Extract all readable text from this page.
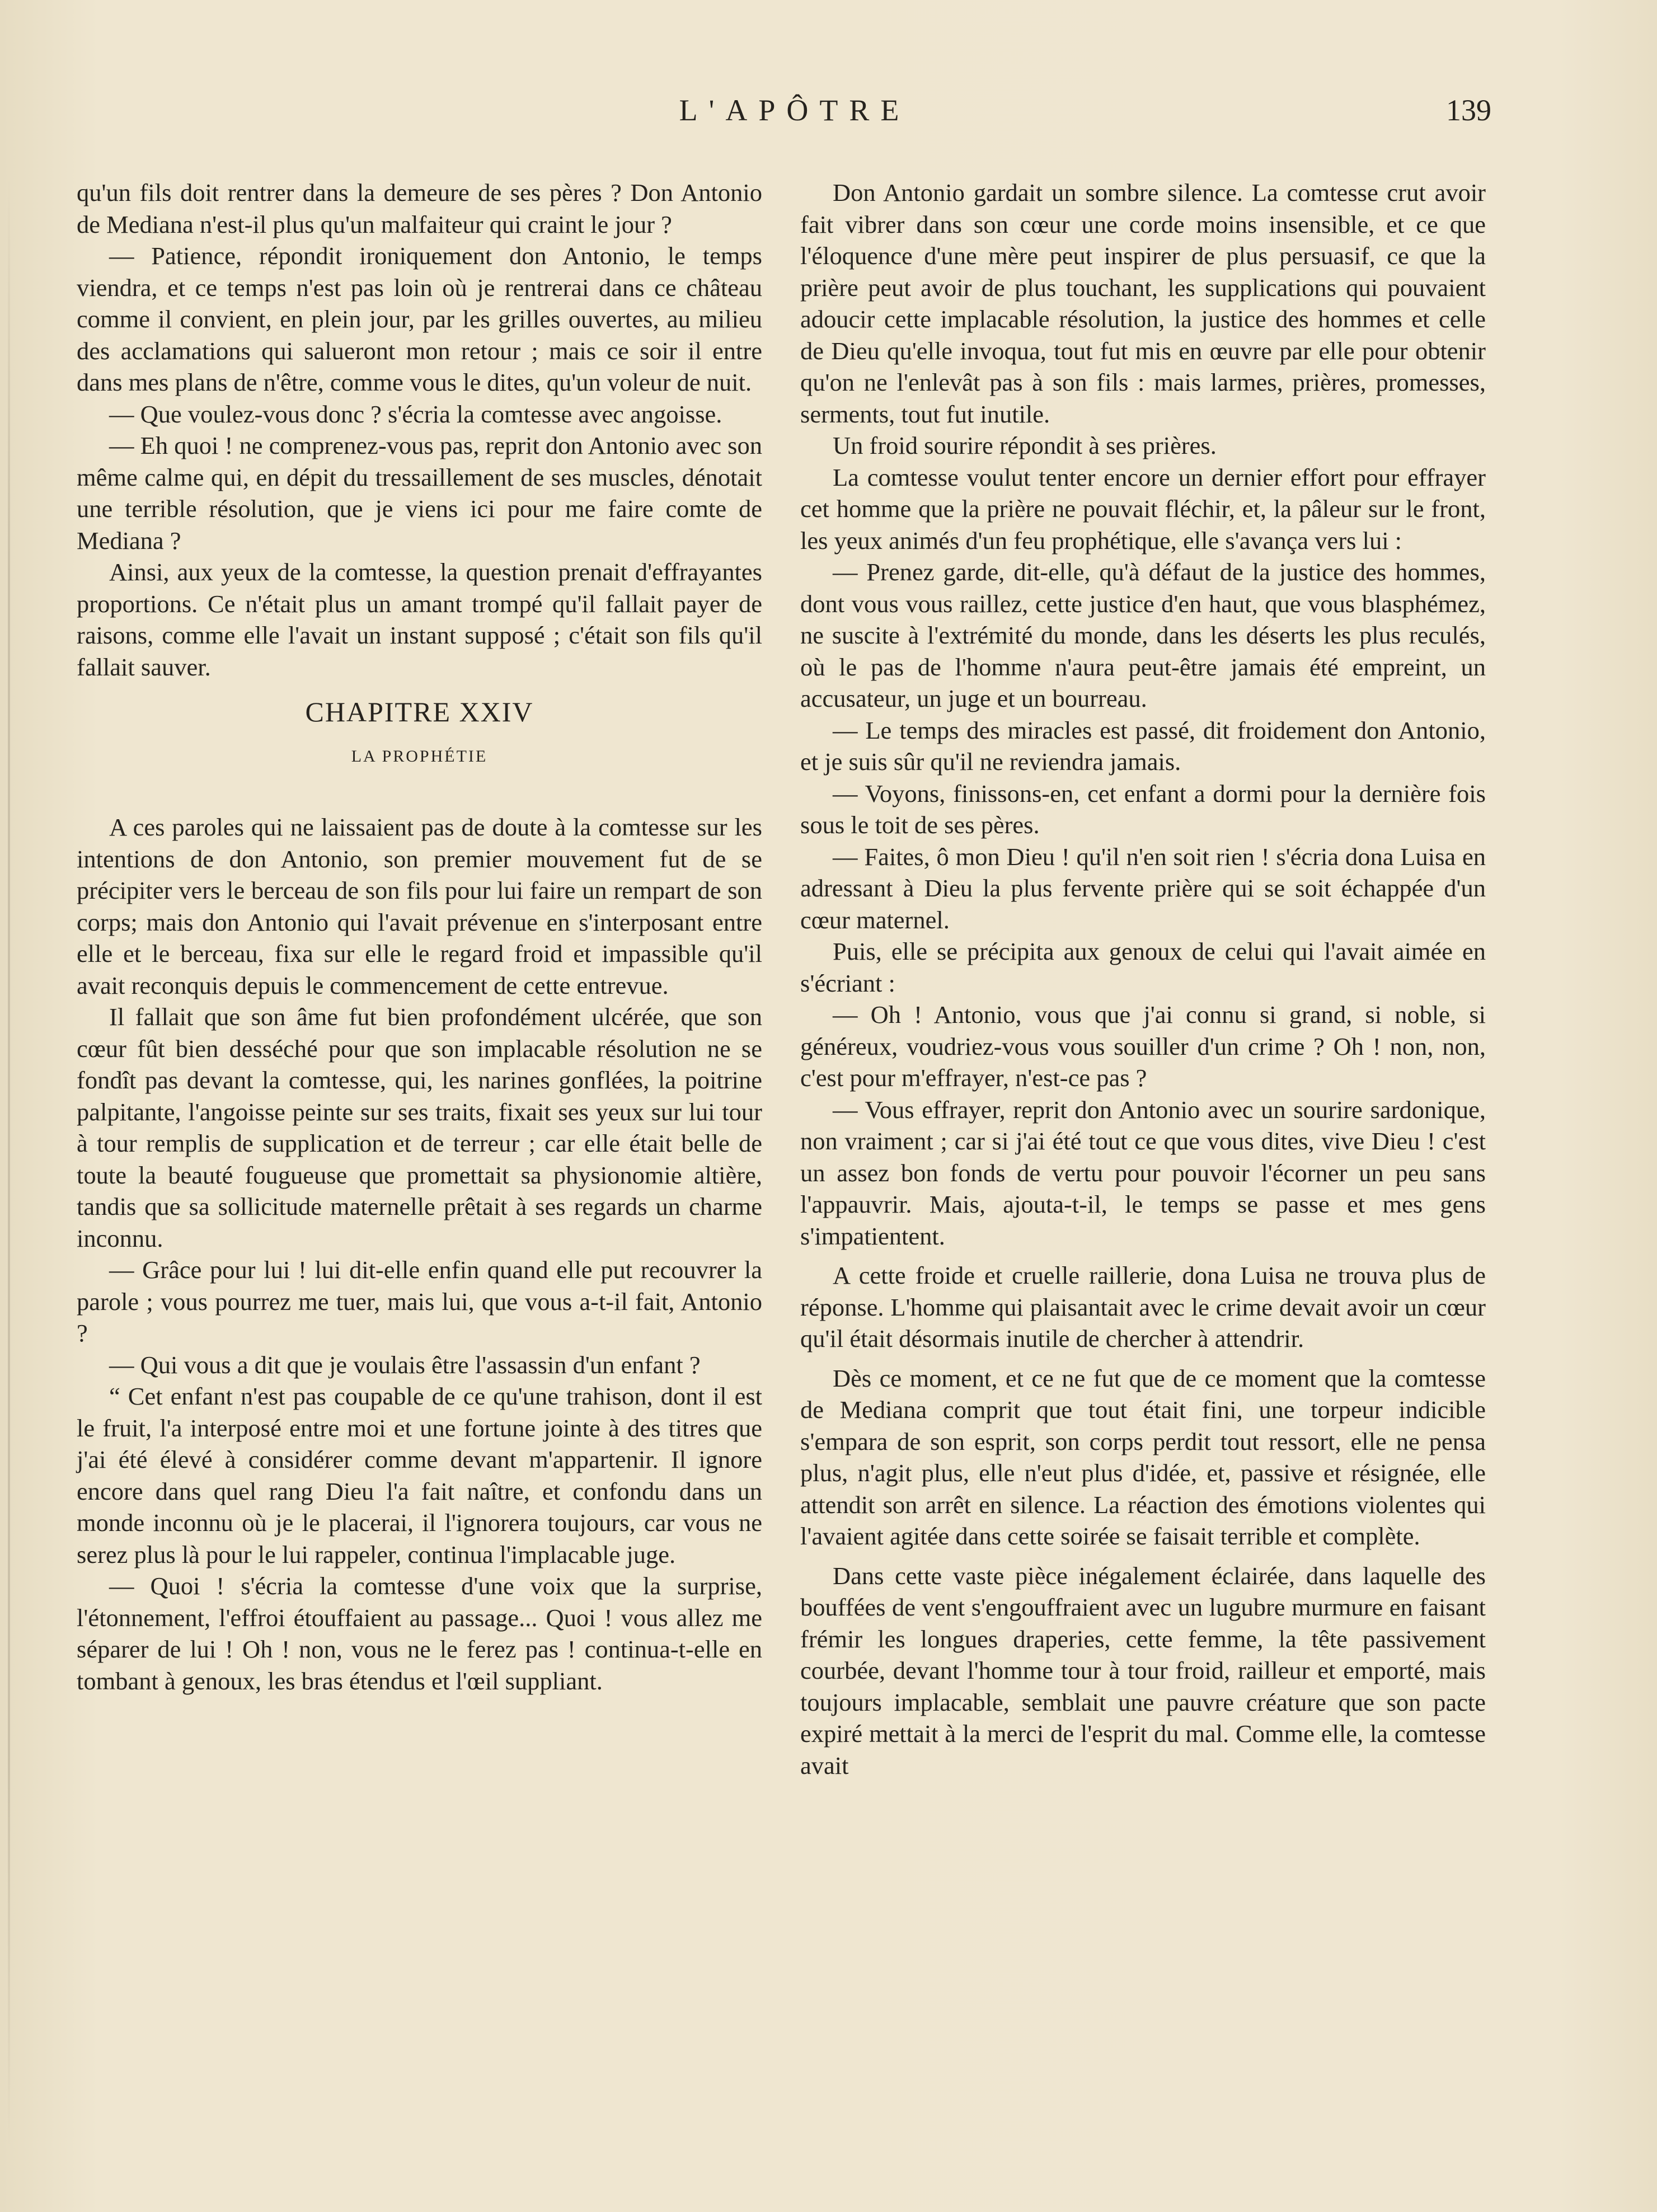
L'APÔTRE	139

qu'un fils doit rentrer dans la demeure de ses pères ? Don Antonio de Mediana n'est-il plus qu'un malfaiteur qui craint le jour ?

— Patience, répondit ironiquement don Antonio, le temps viendra, et ce temps n'est pas loin où je rentrerai dans ce château comme il convient, en plein jour, par les grilles ouvertes, au milieu des acclamations qui salueront mon retour ; mais ce soir il entre dans mes plans de n'être, comme vous le dites, qu'un voleur de nuit.

— Que voulez-vous donc ? s'écria la comtesse avec angoisse.

— Eh quoi ! ne comprenez-vous pas, reprit don Antonio avec son même calme qui, en dépit du tressaillement de ses muscles, dénotait une terrible résolution, que je viens ici pour me faire comte de Mediana ?

Ainsi, aux yeux de la comtesse, la question prenait d'effrayantes proportions. Ce n'était plus un amant trompé qu'il fallait payer de raisons, comme elle l'avait un instant supposé ; c'était son fils qu'il fallait sauver.

CHAPITRE XXIV
LA PROPHÉTIE

A ces paroles qui ne laissaient pas de doute à la comtesse sur les intentions de don Antonio, son premier mouvement fut de se précipiter vers le berceau de son fils pour lui faire un rempart de son corps; mais don Antonio qui l'avait prévenue en s'interposant entre elle et le berceau, fixa sur elle le regard froid et impassible qu'il avait reconquis depuis le commencement de cette entrevue.

Il fallait que son âme fut bien profondément ulcérée, que son cœur fût bien desséché pour que son implacable résolution ne se fondît pas devant la comtesse, qui, les narines gonflées, la poitrine palpitante, l'angoisse peinte sur ses traits, fixait ses yeux sur lui tour à tour remplis de supplication et de terreur ; car elle était belle de toute la beauté fougueuse que promettait sa physionomie altière, tandis que sa sollicitude maternelle prêtait à ses regards un charme inconnu.

— Grâce pour lui ! lui dit-elle enfin quand elle put recouvrer la parole ; vous pourrez me tuer, mais lui, que vous a-t-il fait, Antonio ?

— Qui vous a dit que je voulais être l'assassin d'un enfant ?

“ Cet enfant n'est pas coupable de ce qu'une trahison, dont il est le fruit, l'a interposé entre moi et une fortune jointe à des titres que j'ai été élevé à considérer comme devant m'appartenir. Il ignore encore dans quel rang Dieu l'a fait naître, et confondu dans un monde inconnu où je le placerai, il l'ignorera toujours, car vous ne serez plus là pour le lui rappeler, continua l'implacable juge.

— Quoi ! s'écria la comtesse d'une voix que la surprise, l'étonnement, l'effroi étouffaient au passage... Quoi ! vous allez me séparer de lui ! Oh ! non, vous ne le ferez pas ! continua-t-elle en tombant à genoux, les bras étendus et l'œil suppliant.

Don Antonio gardait un sombre silence. La comtesse crut avoir fait vibrer dans son cœur une corde moins insensible, et ce que l'éloquence d'une mère peut inspirer de plus persuasif, ce que la prière peut avoir de plus touchant, les supplications qui pouvaient adoucir cette implacable résolution, la justice des hommes et celle de Dieu qu'elle invoqua, tout fut mis en œuvre par elle pour obtenir qu'on ne l'enlevât pas à son fils : mais larmes, prières, promesses, serments, tout fut inutile.

Un froid sourire répondit à ses prières.

La comtesse voulut tenter encore un dernier effort pour effrayer cet homme que la prière ne pouvait fléchir, et, la pâleur sur le front, les yeux animés d'un feu prophétique, elle s'avança vers lui :

— Prenez garde, dit-elle, qu'à défaut de la justice des hommes, dont vous vous raillez, cette justice d'en haut, que vous blasphémez, ne suscite à l'extrémité du monde, dans les déserts les plus reculés, où le pas de l'homme n'aura peut-être jamais été empreint, un accusateur, un juge et un bourreau.

— Le temps des miracles est passé, dit froidement don Antonio, et je suis sûr qu'il ne reviendra jamais.

— Voyons, finissons-en, cet enfant a dormi pour la dernière fois sous le toit de ses pères.

— Faites, ô mon Dieu ! qu'il n'en soit rien ! s'écria dona Luisa en adressant à Dieu la plus fervente prière qui se soit échappée d'un cœur maternel.

Puis, elle se précipita aux genoux de celui qui l'avait aimée en s'écriant :

— Oh ! Antonio, vous que j'ai connu si grand, si noble, si généreux, voudriez-vous vous souiller d'un crime ? Oh ! non, non, c'est pour m'effrayer, n'est-ce pas ?

— Vous effrayer, reprit don Antonio avec un sourire sardonique, non vraiment ; car si j'ai été tout ce que vous dites, vive Dieu ! c'est un assez bon fonds de vertu pour pouvoir l'écorner un peu sans l'appauvrir. Mais, ajouta-t-il, le temps se passe et mes gens s'impatientent.

A cette froide et cruelle raillerie, dona Luisa ne trouva plus de réponse. L'homme qui plaisantait avec le crime devait avoir un cœur qu'il était désormais inutile de chercher à attendrir.

Dès ce moment, et ce ne fut que de ce moment que la comtesse de Mediana comprit que tout était fini, une torpeur indicible s'empara de son esprit, son corps perdit tout ressort, elle ne pensa plus, n'agit plus, elle n'eut plus d'idée, et, passive et résignée, elle attendit son arrêt en silence. La réaction des émotions violentes qui l'avaient agitée dans cette soirée se faisait terrible et complète.

Dans cette vaste pièce inégalement éclairée, dans laquelle des bouffées de vent s'engouffraient avec un lugubre murmure en faisant frémir les longues draperies, cette femme, la tête passivement courbée, devant l'homme tour à tour froid, railleur et emporté, mais toujours implacable, semblait une pauvre créature que son pacte expiré mettait à la merci de l'esprit du mal. Comme elle, la comtesse avait
